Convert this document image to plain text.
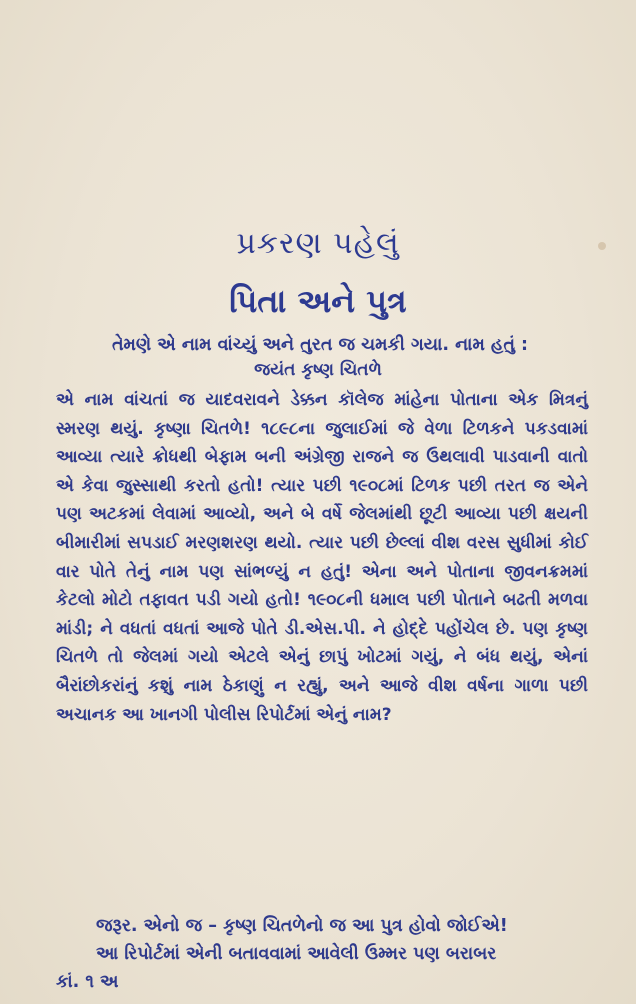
પ્રકરણ પહેલું
પિતા અને પુત્ર
તેમણે એ નામ વાંચ્યું અને તુરત જ ચમકી ગયા. નામ હતું :
જયંત કૃષ્ણ ચિતળે

એ નામ વાંચતાં જ યાદવરાવને ડેક્કન કૉલેજ માંહેના પોતાના એક મિત્રનું સ્મરણ થયું. કૃષ્ણા ચિતળે! ૧૮૯૮ના જુલાઈમાં જે વેળા ટિળકને પકડવામાં આવ્યા ત્યારે ક્રોધથી બેફામ બની અંગ્રેજી રાજને જ ઉથલાવી પાડવાની વાતો એ કેવા જુસ્સાથી કરતો હતો! ત્યાર પછી ૧૯૦૮માં ટિળક પછી તરત જ એને પણ અટકમાં લેવામાં આવ્યો, અને બે વર્ષે જેલમાંથી છૂટી આવ્યા પછી ક્ષયની બીમારીમાં સપડાઈ મરણશરણ થયો. ત્યાર પછી છેલ્લાં વીશ વરસ સુધીમાં કોઈ વાર પોતે તેનું નામ પણ સાંભળ્યું ન હતું! એના અને પોતાના જીવનક્રમમાં કેટલો મોટો તફાવત પડી ગયો હતો! ૧૯૦૮ની ધમાલ પછી પોતાને બઢતી મળવા માંડી; ને વધતાં વધતાં આજે પોતે ડી.એસ.પી. ને હોદ્દે પહોંચેલ છે. પણ કૃષ્ણ ચિતળે તો જેલમાં ગયો એટલે એનું છાપું ખોટમાં ગયું, ને બંધ થયું, એનાં બૈરાંછોકરાંનું કશું નામ ઠેકાણું ન રહ્યું, અને આજે વીશ વર્ષના ગાળા પછી અચાનક આ ખાનગી પોલીસ રિપોર્ટમાં એનું નામ?

જરૂર. એનો જ – કૃષ્ણ ચિતળેનો જ આ પુત્ર હોવો જોઈએ!

આ રિપોર્ટમાં એની બતાવવામાં આવેલી ઉમ્મર પણ બરાબર

કાં. ૧ અ
